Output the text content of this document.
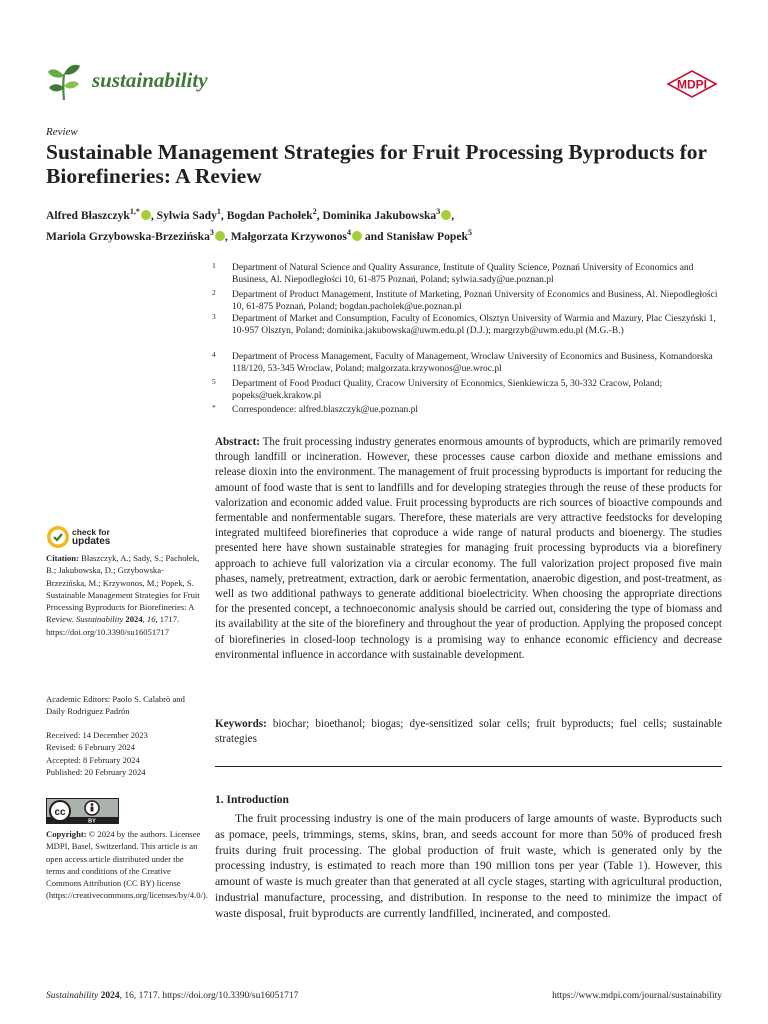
sustainability	MDPI
Review
Sustainable Management Strategies for Fruit Processing Byproducts for Biorefineries: A Review
Alfred Błaszczyk$^{1,*}$ , Sylwia Sady$^1$, Bogdan Pachołek$^2$, Dominika Jakubowska$^3$ ,
Mariola Grzybowska-Brzezińska$^3$ , Małgorzata Krzywonos$^4$ and Stanisław Popek$^5$
1 Department of Natural Science and Quality Assurance, Institute of Quality Science, Poznań University of Economics and Business, Al. Niepodległości 10, 61-875 Poznań, Poland; sylwia.sady@ue.poznan.pl
2 Department of Product Management, Institute of Marketing, Poznań University of Economics and Business, Al. Niepodległości 10, 61-875 Poznań, Poland; bogdan.pacholek@ue.poznan.pl
3 Department of Market and Consumption, Faculty of Economics, Olsztyn University of Warmia and Mazury, Plac Cieszyński 1, 10-957 Olsztyn, Poland; dominika.jakubowska@uwm.edu.pl (D.J.); margrzyb@uwm.edu.pl (M.G.-B.)
4 Department of Process Management, Faculty of Management, Wroclaw University of Economics and Business, Komandorska 118/120, 53-345 Wroclaw, Poland; malgorzata.krzywonos@ue.wroc.pl
5 Department of Food Product Quality, Cracow University of Economics, Sienkiewicza 5, 30-332 Cracow, Poland; popeks@uek.krakow.pl
* Correspondence: alfred.blaszczyk@ue.poznan.pl
check for
updates
Citation: Błaszczyk, A.; Sady, S.; Pachołek, B.; Jakubowska, D.; Grzybowska-Brzezińska, M.; Krzywonos, M.; Popek, S. Sustainable Management Strategies for Fruit Processing Byproducts for Biorefineries: A Review. Sustainability 2024, 16, 1717. https://doi.org/10.3390/su16051717
Academic Editors: Paolo S. Calabrò and Daily Rodriguez Padrón
Received: 14 December 2023
Revised: 6 February 2024
Accepted: 8 February 2024
Published: 20 February 2024
cc
BY
Copyright: © 2024 by the authors. Licensee MDPI, Basel, Switzerland. This article is an open access article distributed under the terms and conditions of the Creative Commons Attribution (CC BY) license (https://creativecommons.org/licenses/by/4.0/).
Abstract: The fruit processing industry generates enormous amounts of byproducts, which are primarily removed through landfill or incineration. However, these processes cause carbon dioxide and methane emissions and release dioxin into the environment. The management of fruit processing byproducts is important for reducing the amount of food waste that is sent to landfills and for developing strategies through the reuse of these products for valorization and economic added value. Fruit processing byproducts are rich sources of bioactive compounds and fermentable and nonfermentable sugars. Therefore, these materials are very attractive feedstocks for developing integrated multifeed biorefineries that coproduce a wide range of natural products and bioenergy. The studies presented here have shown sustainable strategies for managing fruit processing byproducts via a biorefinery approach to achieve full valorization via a circular economy. The full valorization project proposed five main phases, namely, pretreatment, extraction, dark or aerobic fermentation, anaerobic digestion, and post-treatment, as well as two additional pathways to generate additional bioelectricity. When choosing the appropriate directions for the presented concept, a technoeconomic analysis should be carried out, considering the type of biomass and its availability at the site of the biorefinery and throughout the year of production. Applying the proposed concept of biorefineries in closed-loop technology is a promising way to enhance economic efficiency and decrease environmental influence in accordance with sustainable development.
Keywords: biochar; bioethanol; biogas; dye-sensitized solar cells; fruit byproducts; fuel cells; sustainable strategies
1. Introduction
The fruit processing industry is one of the main producers of large amounts of waste. Byproducts such as pomace, peels, trimmings, stems, skins, bran, and seeds account for more than 50% of produced fresh fruits during fruit processing. The global production of fruit waste, which is generated only by the processing industry, is estimated to reach more than 190 million tons per year (Table 1). However, this amount of waste is much greater than that generated at all cycle stages, starting with agricultural production, industrial manufacture, processing, and distribution. In response to the need to minimize the impact of waste disposal, fruit byproducts are currently landfilled, incinerated, and composted.
Sustainability 2024, 16, 1717. https://doi.org/10.3390/su16051717	https://www.mdpi.com/journal/sustainability
